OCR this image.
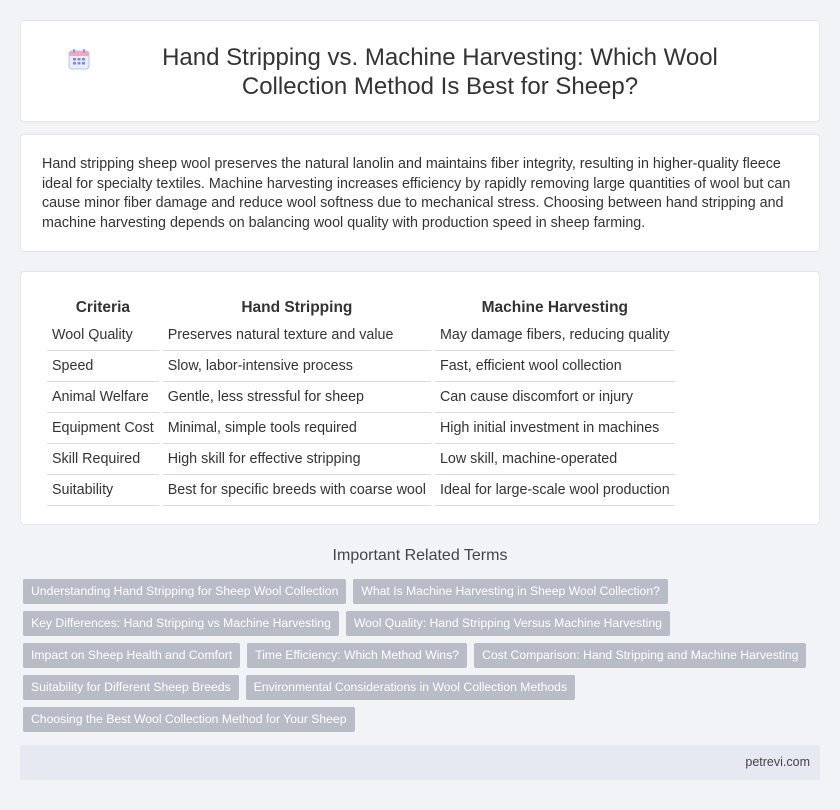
Hand Stripping vs. Machine Harvesting: Which Wool Collection Method Is Best for Sheep?

Hand stripping sheep wool preserves the natural lanolin and maintains fiber integrity, resulting in higher-quality fleece ideal for specialty textiles. Machine harvesting increases efficiency by rapidly removing large quantities of wool but can cause minor fiber damage and reduce wool softness due to mechanical stress. Choosing between hand stripping and machine harvesting depends on balancing wool quality with production speed in sheep farming.

Criteria	Hand Stripping	Machine Harvesting
Wool Quality	Preserves natural texture and value	May damage fibers, reducing quality
Speed	Slow, labor-intensive process	Fast, efficient wool collection
Animal Welfare	Gentle, less stressful for sheep	Can cause discomfort or injury
Equipment Cost	Minimal, simple tools required	High initial investment in machines
Skill Required	High skill for effective stripping	Low skill, machine-operated
Suitability	Best for specific breeds with coarse wool	Ideal for large-scale wool production
Important Related Terms
Understanding Hand Stripping for Sheep Wool Collection	What Is Machine Harvesting in Sheep Wool Collection?
Key Differences: Hand Stripping vs Machine Harvesting	Wool Quality: Hand Stripping Versus Machine Harvesting
Impact on Sheep Health and Comfort	Time Efficiency: Which Method Wins?	Cost Comparison: Hand Stripping and Machine Harvesting
Suitability for Different Sheep Breeds	Environmental Considerations in Wool Collection Methods
Choosing the Best Wool Collection Method for Your Sheep
petrevi.com
